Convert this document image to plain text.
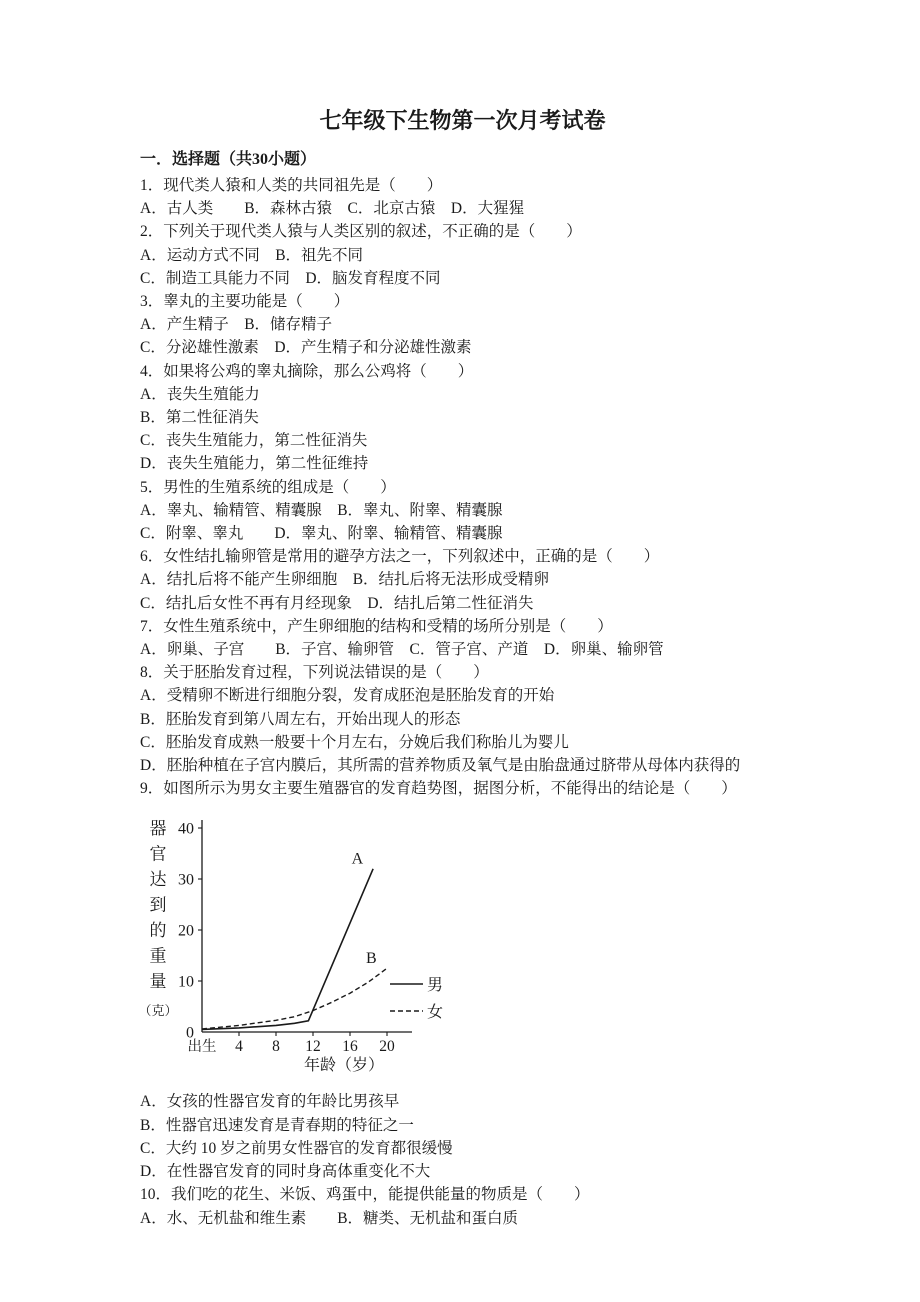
七年级下生物第一次月考试卷
一．选择题（共30小题）
1．现代类人猿和人类的共同祖先是（　　）
A．古人类　　B．森林古猿　C．北京古猿　D．大猩猩
2．下列关于现代类人猿与人类区别的叙述，不正确的是（　　）
A．运动方式不同　B．祖先不同
C．制造工具能力不同　D．脑发育程度不同
3．睾丸的主要功能是（　　）
A．产生精子　B．储存精子
C．分泌雄性激素　D．产生精子和分泌雄性激素
4．如果将公鸡的睾丸摘除，那么公鸡将（　　）
A．丧失生殖能力
B．第二性征消失
C．丧失生殖能力，第二性征消失
D．丧失生殖能力，第二性征维持
5．男性的生殖系统的组成是（　　）
A．睾丸、输精管、精囊腺　B．睾丸、附睾、精囊腺
C．附睾、睾丸　　D．睾丸、附睾、输精管、精囊腺
6．女性结扎输卵管是常用的避孕方法之一，下列叙述中，正确的是（　　）
A．结扎后将不能产生卵细胞　B．结扎后将无法形成受精卵
C．结扎后女性不再有月经现象　D．结扎后第二性征消失
7．女性生殖系统中，产生卵细胞的结构和受精的场所分别是（　　）
A．卵巢、子宫　　B．子宫、输卵管　C．管子宫、产道　D．卵巢、输卵管
8．关于胚胎发育过程，下列说法错误的是（　　）
A．受精卵不断进行细胞分裂，发育成胚泡是胚胎发育的开始
B．胚胎发育到第八周左右，开始出现人的形态
C．胚胎发育成熟一般要十个月左右，分娩后我们称胎儿为婴儿
D．胚胎种植在子宫内膜后，其所需的营养物质及氧气是由胎盘通过脐带从母体内获得的
9．如图所示为男女主要生殖器官的发育趋势图，据图分析，不能得出的结论是（　　）
0
10
20
30
40
出生 4 8 12 16 20
器
官
达
到
的
重
量
（克）
年龄（岁）
A
B
男
女
A．女孩的性器官发育的年龄比男孩早
B．性器官迅速发育是青春期的特征之一
C．大约 10 岁之前男女性器官的发育都很缓慢
D．在性器官发育的同时身高体重变化不大
10．我们吃的花生、米饭、鸡蛋中，能提供能量的物质是（　　）
A．水、无机盐和维生素　　B．糖类、无机盐和蛋白质
